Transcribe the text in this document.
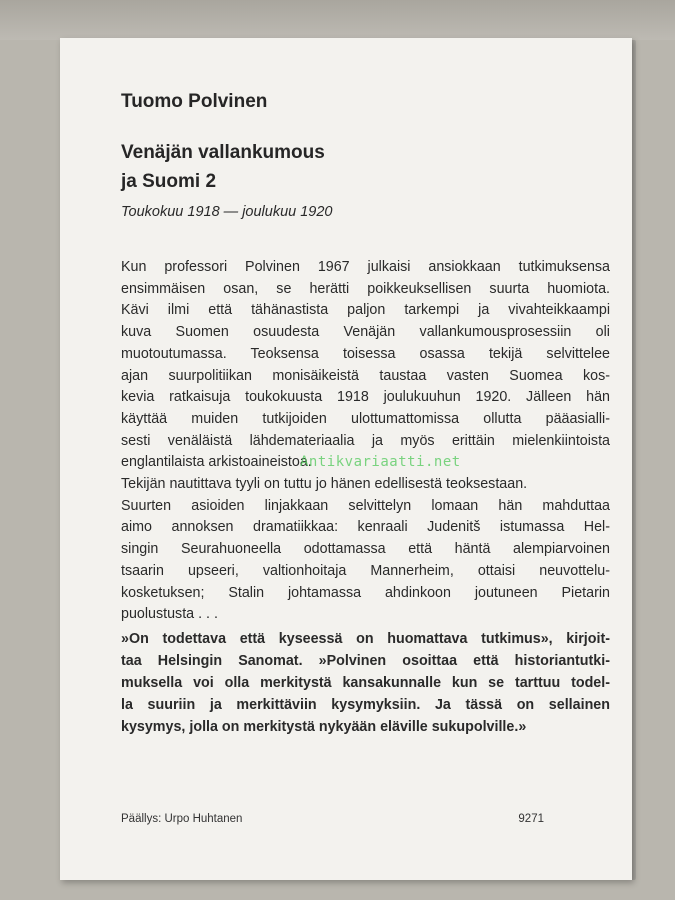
Tuomo Polvinen
Venäjän vallankumous
ja Suomi 2

Toukokuu 1918 — joulukuu 1920

Kun professori Polvinen 1967 julkaisi ansiokkaan tutkimuksensa
ensimmäisen osan, se herätti poikkeuksellisen suurta huomiota.
Kävi ilmi että tähänastista paljon tarkempi ja vivahteikkaampi
kuva Suomen osuudesta Venäjän vallankumousprosessiin oli
muotoutumassa. Teoksensa toisessa osassa tekijä selvittelee
ajan suurpolitiikan monisäikeistä taustaa vasten Suomea kos-
kevia ratkaisuja toukokuusta 1918 joulukuuhun 1920. Jälleen hän
käyttää muiden tutkijoiden ulottumattomissa ollutta pääasialli-
sesti venäläistä lähdemateriaalia ja myös erittäin mielenkiintoista
englantilaista arkistoaineistoa.
Tekijän nautittava tyyli on tuttu jo hänen edellisestä teoksestaan.
Suurten asioiden linjakkaan selvittelyn lomaan hän mahduttaa
aimo annoksen dramatiikkaa: kenraali Judenitš istumassa Hel-
singin Seurahuoneella odottamassa että häntä alempiarvoinen
tsaarin upseeri, valtionhoitaja Mannerheim, ottaisi neuvottelu-
kosketuksen; Stalin johtamassa ahdinkoon joutuneen Pietarin
puolustusta . . .
»On todettava että kyseessä on huomattava tutkimus», kirjoit-
taa Helsingin Sanomat. »Polvinen osoittaa että historiantutki-
muksella voi olla merkitystä kansakunnalle kun se tarttuu todel-
la suuriin ja merkittäviin kysymyksiin. Ja tässä on sellainen
kysymys, jolla on merkitystä nykyään eläville sukupolville.»
Päällys: Urpo Huhtanen	9271
Antikvariaatti.net
